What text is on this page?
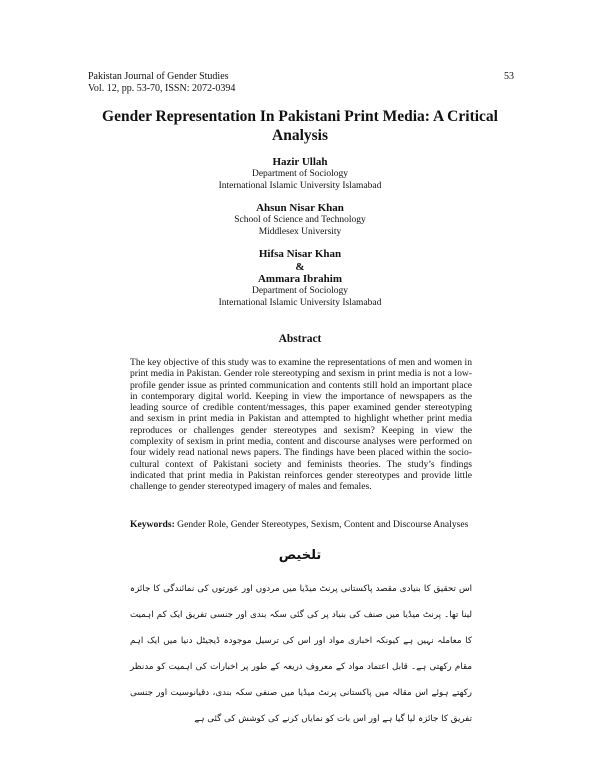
Pakistan Journal of Gender Studies
Vol. 12, pp. 53-70, ISSN: 2072-0394
53
Gender Representation In Pakistani Print Media: A Critical Analysis
Hazir Ullah
Department of Sociology
International Islamic University Islamabad
Ahsun Nisar Khan
School of Science and Technology
Middlesex University
Hifsa Nisar Khan
&
Ammara Ibrahim
Department of Sociology
International Islamic University Islamabad
Abstract

The key objective of this study was to examine the representations of men and women in print media in Pakistan. Gender role stereotyping and sexism in print media is not a low-profile gender issue as printed communication and contents still hold an important place in contemporary digital world. Keeping in view the importance of newspapers as the leading source of credible content/messages, this paper examined gender stereotyping and sexism in print media in Pakistan and attempted to highlight whether print media reproduces or challenges gender stereotypes and sexism? Keeping in view the complexity of sexism in print media, content and discourse analyses were performed on four widely read national news papers. The findings have been placed within the socio-cultural context of Pakistani society and feminists theories. The study’s findings indicated that print media in Pakistan reinforces gender stereotypes and provide little challenge to gender stereotyped imagery of males and females.

Keywords: Gender Role, Gender Stereotypes, Sexism, Content and Discourse Analyses

تلخیص

اس تحقیق کا بنیادی مقصد پاکستانی پرنٹ میڈیا میں مردوں اور عورتوں کی نمائندگی کا جائزہ لینا تھا۔ پرنٹ میڈیا میں صنف کی بنیاد پر کی گئی سکہ بندی اور جنسی تفریق ایک کم اہمیت کا معاملہ نہیں ہے کیونکہ اخباری مواد اور اس کی ترسیل موجودہ ڈیجیٹل دنیا میں ایک اہم مقام رکھتی ہے۔ قابل اعتماد مواد کے معروف ذریعہ کے طور پر اخبارات کی اہمیت کو مدنظر رکھتے ہوئے اس مقالہ میں پاکستانی پرنٹ میڈیا میں صنفی سکہ بندی، دقیانوسیت اور جنسی تفریق کا جائزہ لیا گیا ہے اور اس بات کو نمایاں کرنے کی کوشش کی گئی ہے
